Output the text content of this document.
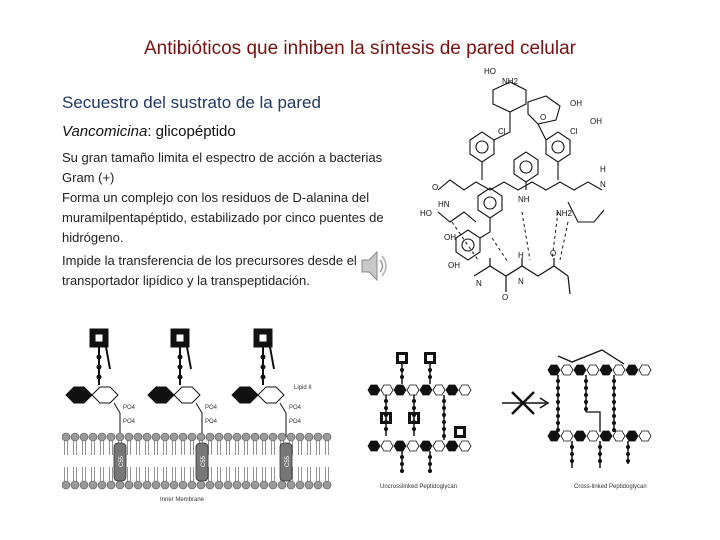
Antibióticos que inhiben la síntesis de pared celular
Secuestro del sustrato de la pared
Vancomicina: glicopéptido
Su gran tamaño limita el espectro de acción a bacterias Gram (+)
Forma un complejo con los residuos de D-alanina del muramilpentapéptido, estabilizado por cinco puentes de hidrógeno.
Impide la transferencia de los precursores desde el transportador lipídico y la transpeptidación.
HO
NH2
OH
OH
O
Cl	Cl
O
HN
H
N
NH
OH
OH
HO	NH2
N
H
N
O
O
PO4
PO4
PO4
PO4
PO4
PO4
Lipid II
C55	C55	C55
Inner Membrane
Uncrosslinked Peptidoglycan	Cross-linked Peptidoglycan
